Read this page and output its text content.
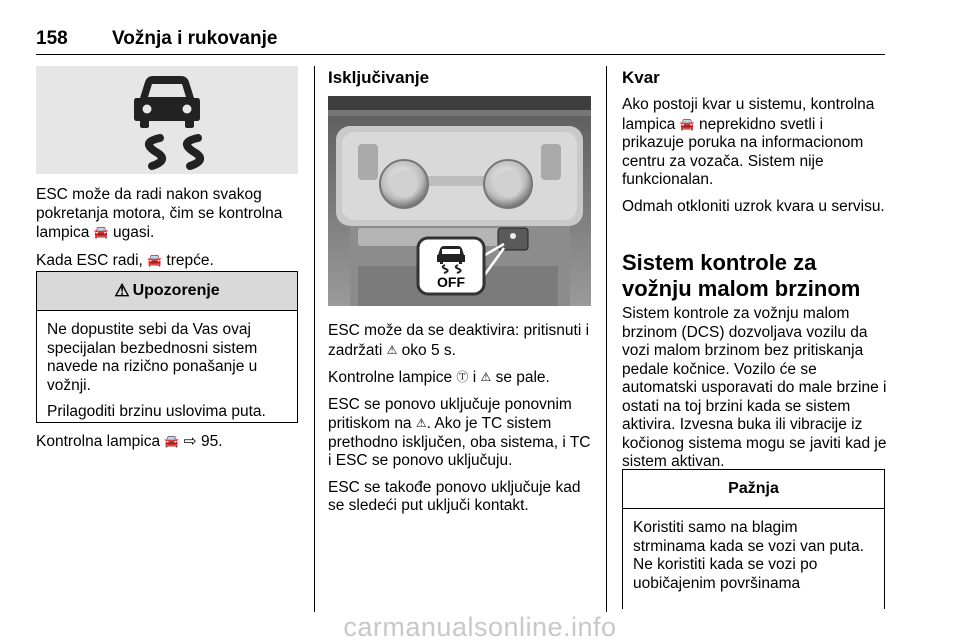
158 Vožnja i rukovanje

ESC može da radi nakon svakog pokretanja motora, čim se kontrolna lampica 🚘 ugasi.

Kada ESC radi, 🚘 trepće.

⚠ Upozorenje

Ne dopustite sebi da Vas ovaj specijalan bezbednosni sistem navede na rizično ponašanje u vožnji.

Prilagoditi brzinu uslovima puta.

Kontrolna lampica 🚘 ⇨ 95.
Isključivanje
OFF

ESC može da se deaktivira: pritisnuti i zadržati ⚠ oko 5 s.

Kontrolne lampice Ⓣ i ⚠ se pale.

ESC se ponovo uključuje ponovnim pritiskom na ⚠. Ako je TC sistem prethodno isključen, oba sistema, i TC i ESC se ponovo uključuju.

ESC se takođe ponovo uključuje kad se sledeći put uključi kontakt.

Kvar

Ako postoji kvar u sistemu, kontrolna lampica 🚘 neprekidno svetli i prikazuje poruka na informacionom centru za vozača. Sistem nije funkcionalan.

Odmah otkloniti uzrok kvara u servisu.

Sistem kontrole za vožnju malom brzinom

Sistem kontrole za vožnju malom brzinom (DCS) dozvoljava vozilu da vozi malom brzinom bez pritiskanja pedale kočnice. Vozilo će se automatski usporavati do male brzine i ostati na toj brzini kada se sistem aktivira. Izvesna buka ili vibracije iz kočionog sistema mogu se javiti kad je sistem aktivan.

Pažnja

Koristiti samo na blagim strminama kada se vozi van puta. Ne koristiti kada se vozi po uobičajenim površinama

carmanualsonline.info
